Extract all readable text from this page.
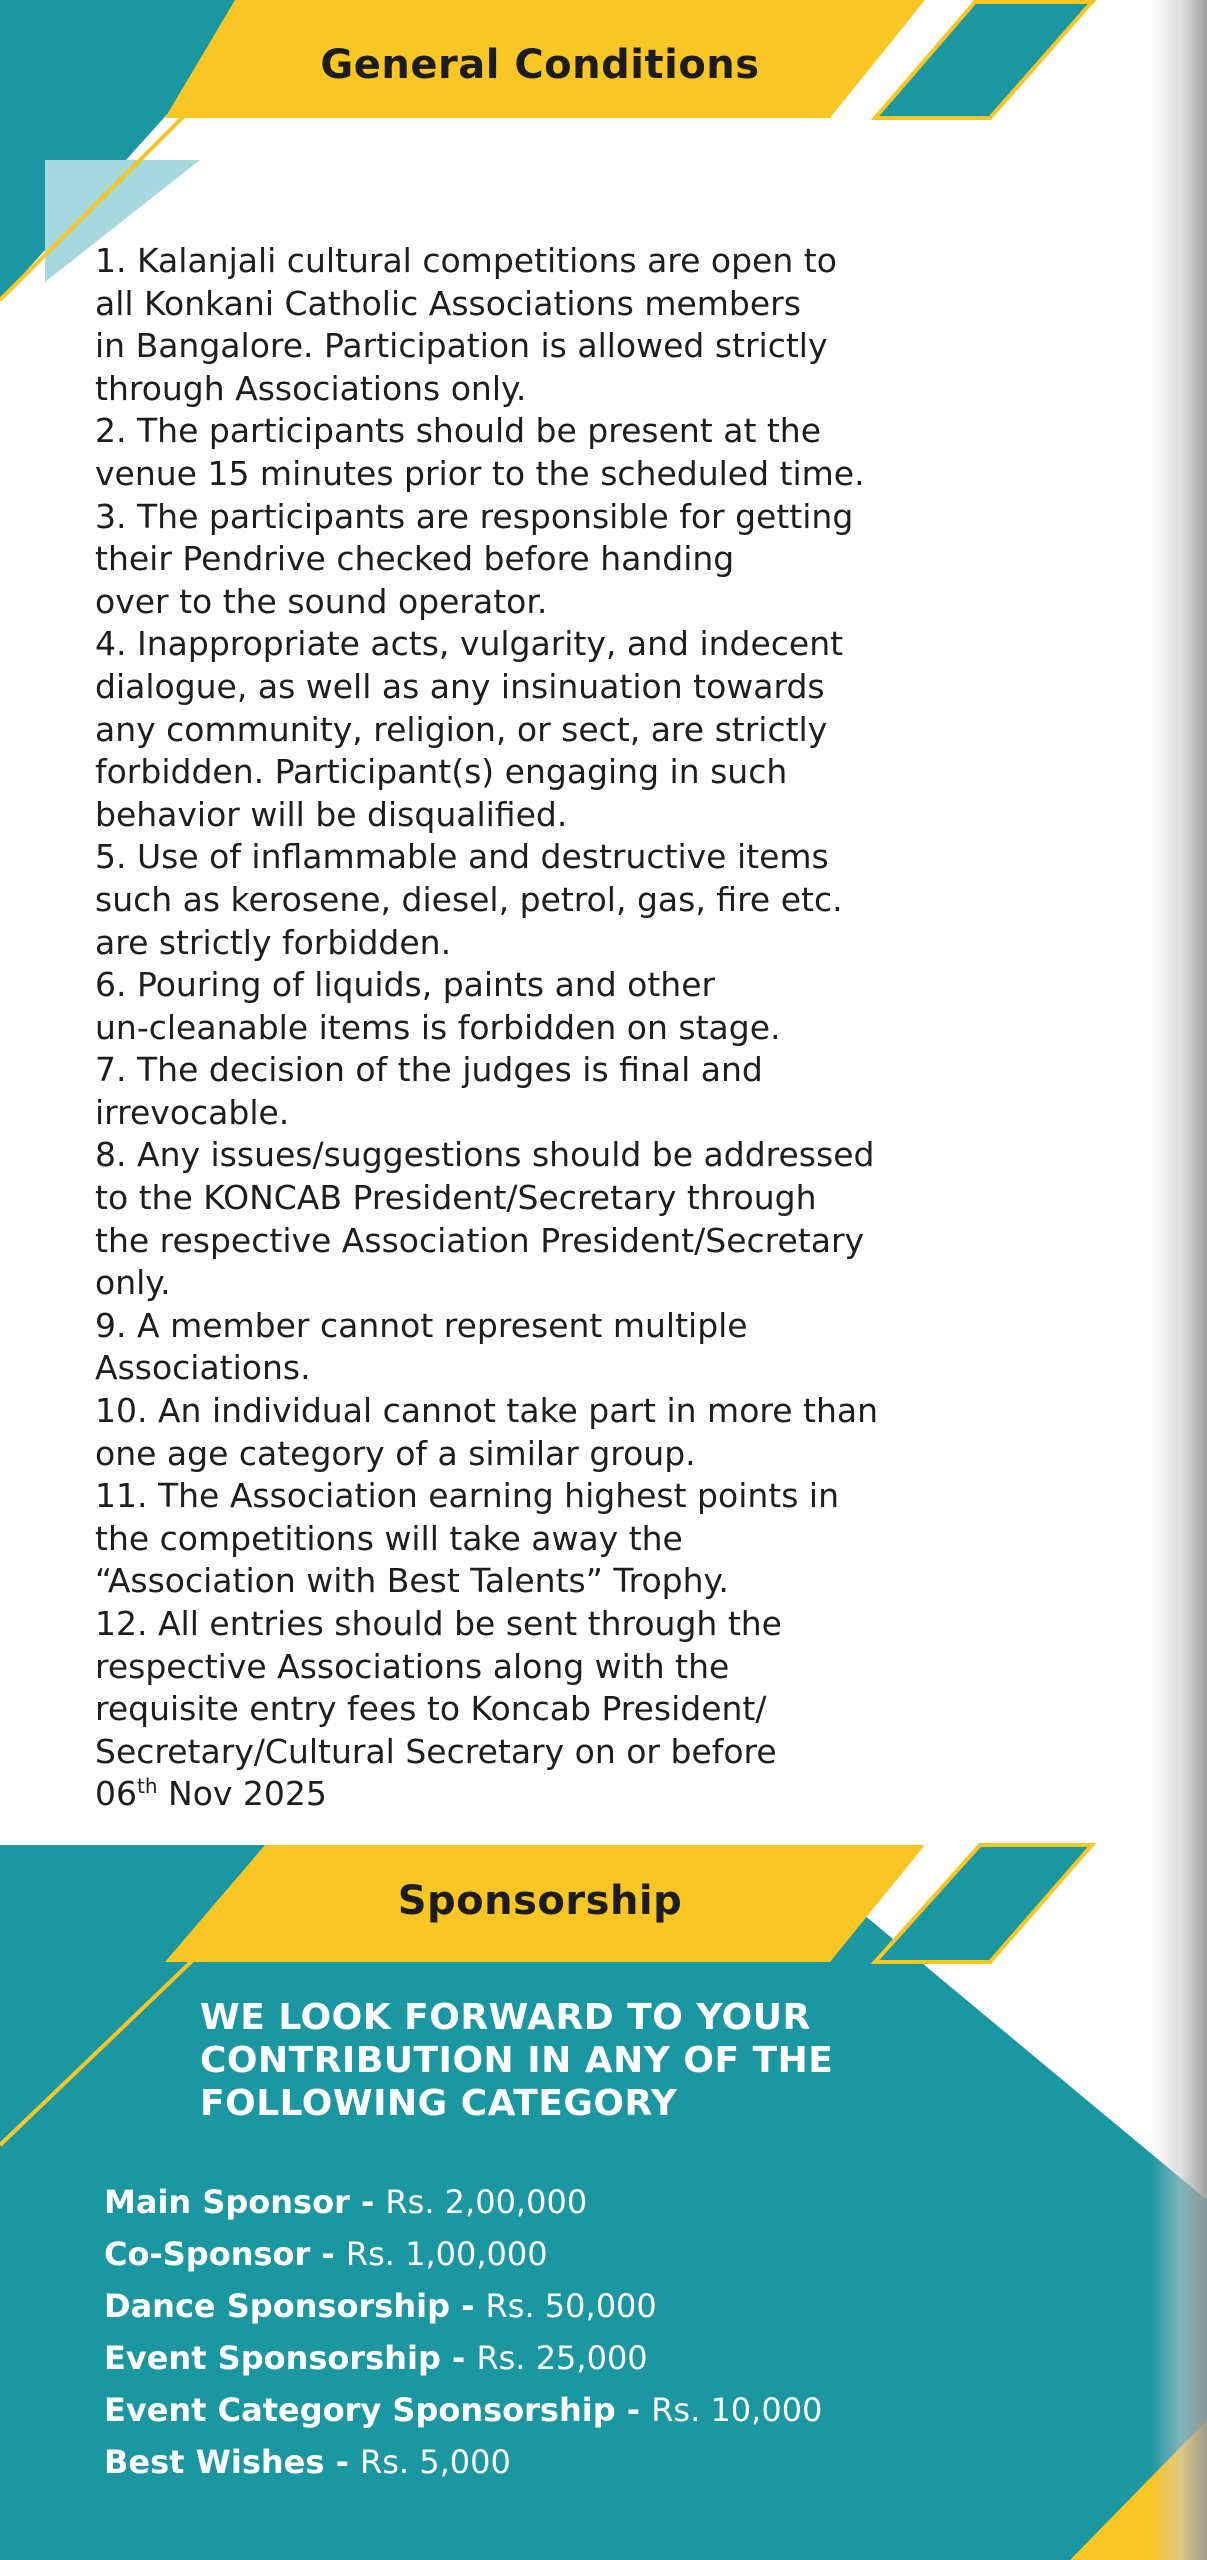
General Conditions
1. Kalanjali cultural competitions are open to
all Konkani Catholic Associations members
in Bangalore. Participation is allowed strictly
through Associations only.
2. The participants should be present at the
venue 15 minutes prior to the scheduled time.
3. The participants are responsible for getting
their Pendrive checked before handing
over to the sound operator.
4. Inappropriate acts, vulgarity, and indecent
dialogue, as well as any insinuation towards
any community, religion, or sect, are strictly
forbidden. Participant(s) engaging in such
behavior will be disqualified.
5. Use of inflammable and destructive items
such as kerosene, diesel, petrol, gas, fire etc.
are strictly forbidden.
6. Pouring of liquids, paints and other
un-cleanable items is forbidden on stage.
7. The decision of the judges is final and
irrevocable.
8. Any issues/suggestions should be addressed
to the KONCAB President/Secretary through
the respective Association President/Secretary
only.
9. A member cannot represent multiple
Associations.
10. An individual cannot take part in more than
one age category of a similar group.
11. The Association earning highest points in
the competitions will take away the
“Association with Best Talents” Trophy.
12. All entries should be sent through the
respective Associations along with the
requisite entry fees to Koncab President/
Secretary/Cultural Secretary on or before
06th Nov 2025
Sponsorship
WE LOOK FORWARD TO YOUR
CONTRIBUTION IN ANY OF THE
FOLLOWING CATEGORY
Main Sponsor - Rs. 2,00,000
Co-Sponsor - Rs. 1,00,000
Dance Sponsorship - Rs. 50,000
Event Sponsorship - Rs. 25,000
Event Category Sponsorship - Rs. 10,000
Best Wishes - Rs. 5,000
